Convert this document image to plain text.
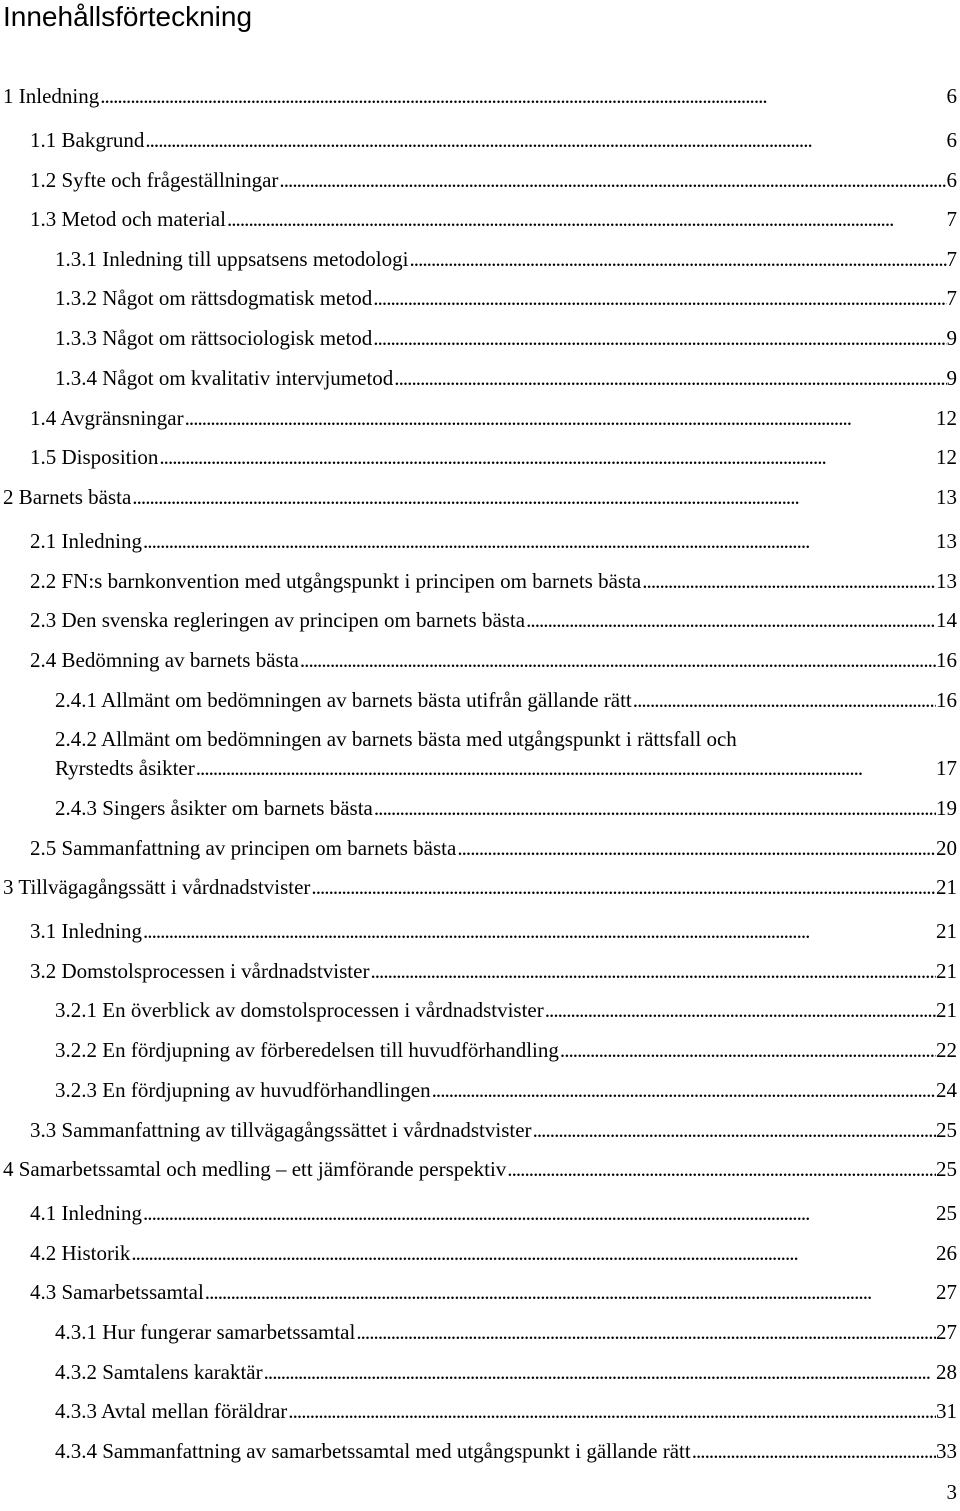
Innehållsförteckning
1 Inledning . . .	6
1.1 Bakgrund . . .	6
1.2 Syfte och frågeställningar . . .	6
1.3 Metod och material . . .	7
1.3.1 Inledning till uppsatsens metodologi . . .	7
1.3.2 Något om rättsdogmatisk metod . . .	7
1.3.3 Något om rättsociologisk metod . . .	9
1.3.4 Något om kvalitativ intervjumetod . . .	9
1.4 Avgränsningar . . .	12
1.5 Disposition . . .	12
2 Barnets bästa . . .	13
2.1 Inledning . . .	13
2.2 FN:s barnkonvention med utgångspunkt i principen om barnets bästa . . .	13
2.3 Den svenska regleringen av principen om barnets bästa . . .	14
2.4 Bedömning av barnets bästa . . .	16
2.4.1 Allmänt om bedömningen av barnets bästa utifrån gällande rätt . . .	16
2.4.2 Allmänt om bedömningen av barnets bästa med utgångspunkt i rättsfall och
Ryrstedts åsikter . . .	17
2.4.3 Singers åsikter om barnets bästa . . .	19
2.5 Sammanfattning av principen om barnets bästa . . .	20
3 Tillvägagångssätt i vårdnadstvister . . .	21
3.1 Inledning . . .	21
3.2 Domstolsprocessen i vårdnadstvister . . .	21
3.2.1 En överblick av domstolsprocessen i vårdnadstvister . . .	21
3.2.2 En fördjupning av förberedelsen till huvudförhandling . . .	22
3.2.3 En fördjupning av huvudförhandlingen . . .	24
3.3 Sammanfattning av tillvägagångssättet i vårdnadstvister . . .	25
4 Samarbetssamtal och medling – ett jämförande perspektiv . . .	25
4.1 Inledning . . .	25
4.2 Historik . . .	26
4.3 Samarbetssamtal . . .	27
4.3.1 Hur fungerar samarbetssamtal . . .	27
4.3.2 Samtalens karaktär . . .	28
4.3.3 Avtal mellan föräldrar . . .	31
4.3.4 Sammanfattning av samarbetssamtal med utgångspunkt i gällande rätt . . .	33
3
